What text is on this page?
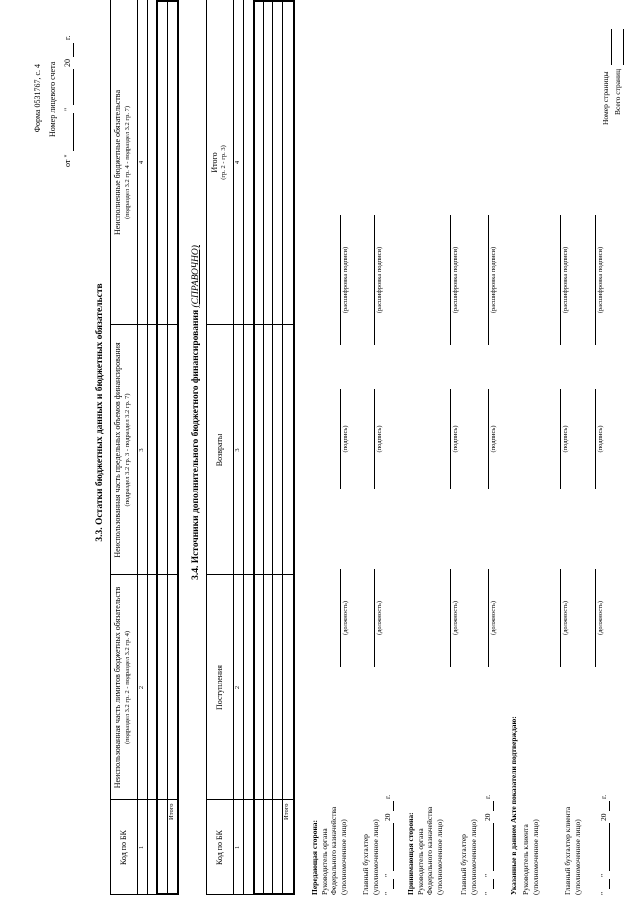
Форма 0531767, с. 4 Номер лицевого счета
от "
"
20
г.
3.3. Остатки бюджетных данных и бюджетных обязательств
Код по БК
Неиспользованная часть лимитов бюджетных обязательств (подраздел 3.2 гр. 2 - подраздел 3.2 гр. 4)
Неиспользованная часть предельных объемов финансирования (подраздел 3.2 гр. 3 - подраздел 3.2 гр. 7)
Неисполненные бюджетные обязательства (подраздел 3.2 гр. 4 - подраздел 3.2 гр. 7)
1
2
3
4
Итого
3.4. Источники дополнительного бюджетного финансирования (СПРАВОЧНО)
Код по БК
Поступления
Возвраты
Итого (гр. 2 - гр. 3)
1
2
3
4
Итого
Передающая сторона: Руководитель органа Федерального казначейства (уполномоченное лицо)
(должность)
(подпись)
(расшифровка подписи)
Главный бухгалтер (уполномоченное лицо)
(должность)
(подпись)
(расшифровка подписи)
"
"
20
г.
Принимающая сторона: Руководитель органа Федерального казначейства (уполномоченное лицо)
(должность)
(подпись)
(расшифровка подписи)
Главный бухгалтер (уполномоченное лицо)
(должность)
(подпись)
(расшифровка подписи)
"
"
20
г. Указанные в данном Акте показатели подтверждаю: Руководитель клиента (уполномоченное лицо)
(должность)
(подпись)
(расшифровка подписи)
Главный бухгалтер клиента (уполномоченное лицо)
(должность)
(подпись)
(расшифровка подписи)
"
"
20
г.
Номер страницы Всего страниц
